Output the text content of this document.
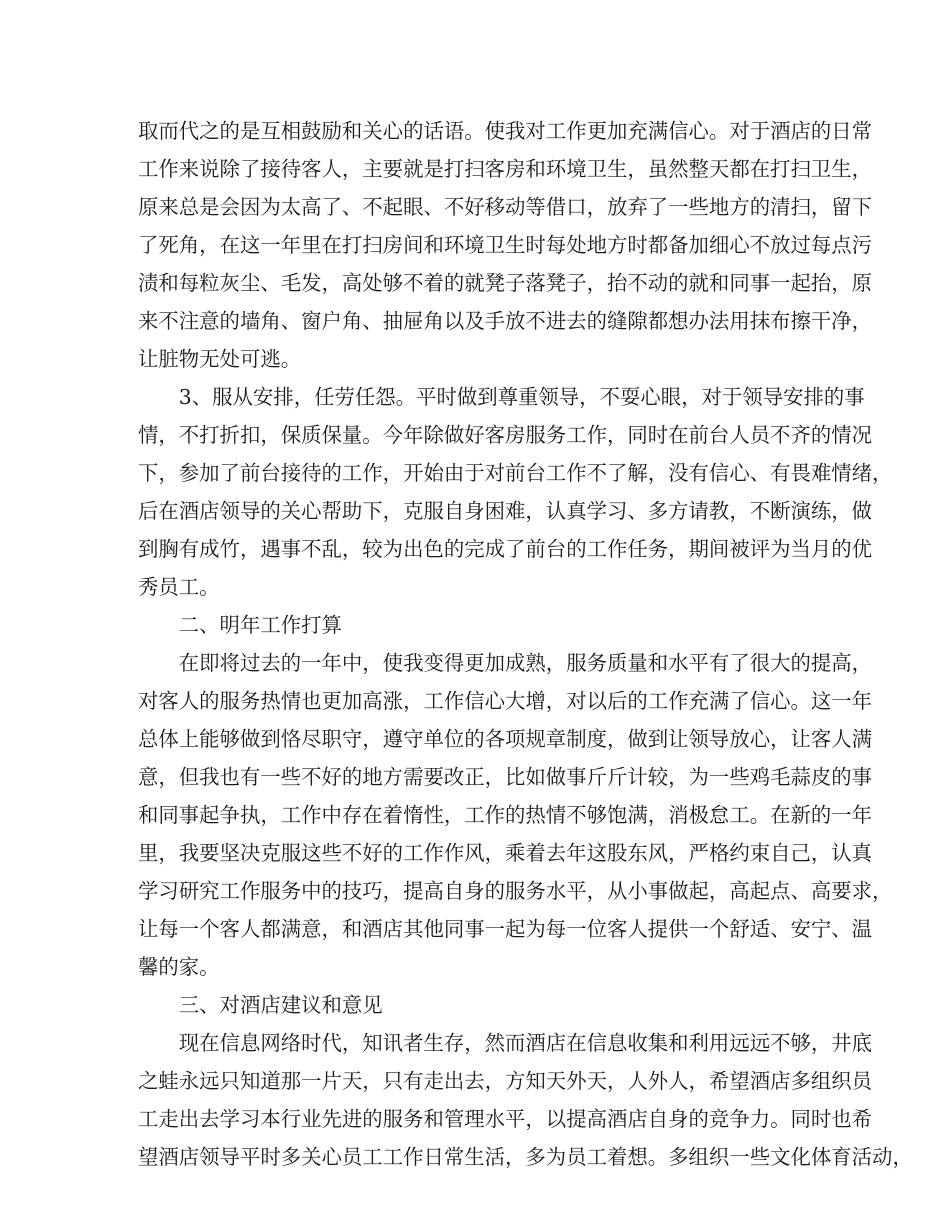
取而代之的是互相鼓励和关心的话语。使我对工作更加充满信心。对于酒店的日常
工作来说除了接待客人，主要就是打扫客房和环境卫生，虽然整天都在打扫卫生，
原来总是会因为太高了、不起眼、不好移动等借口，放弃了一些地方的清扫，留下
了死角，在这一年里在打扫房间和环境卫生时每处地方时都备加细心不放过每点污
渍和每粒灰尘、毛发，高处够不着的就凳子落凳子，抬不动的就和同事一起抬，原
来不注意的墙角、窗户角、抽屉角以及手放不进去的缝隙都想办法用抹布擦干净，
让脏物无处可逃。
　　3、服从安排，任劳任怨。平时做到尊重领导，不耍心眼，对于领导安排的事
情，不打折扣，保质保量。今年除做好客房服务工作，同时在前台人员不齐的情况
下，参加了前台接待的工作，开始由于对前台工作不了解，没有信心、有畏难情绪，
后在酒店领导的关心帮助下，克服自身困难，认真学习、多方请教，不断演练，做
到胸有成竹，遇事不乱，较为出色的完成了前台的工作任务，期间被评为当月的优
秀员工。
　　二、明年工作打算
　　在即将过去的一年中，使我变得更加成熟，服务质量和水平有了很大的提高，
对客人的服务热情也更加高涨，工作信心大增，对以后的工作充满了信心。这一年
总体上能够做到恪尽职守，遵守单位的各项规章制度，做到让领导放心，让客人满
意，但我也有一些不好的地方需要改正，比如做事斤斤计较，为一些鸡毛蒜皮的事
和同事起争执，工作中存在着惰性，工作的热情不够饱满，消极怠工。在新的一年
里，我要坚决克服这些不好的工作作风，乘着去年这股东风，严格约束自己，认真
学习研究工作服务中的技巧，提高自身的服务水平，从小事做起，高起点、高要求，
让每一个客人都满意，和酒店其他同事一起为每一位客人提供一个舒适、安宁、温
馨的家。
　　三、对酒店建议和意见
　　现在信息网络时代，知讯者生存，然而酒店在信息收集和利用远远不够，井底
之蛙永远只知道那一片天，只有走出去，方知天外天，人外人，希望酒店多组织员
工走出去学习本行业先进的服务和管理水平，以提高酒店自身的竞争力。同时也希
望酒店领导平时多关心员工工作日常生活，多为员工着想。多组织一些文化体育活动，
